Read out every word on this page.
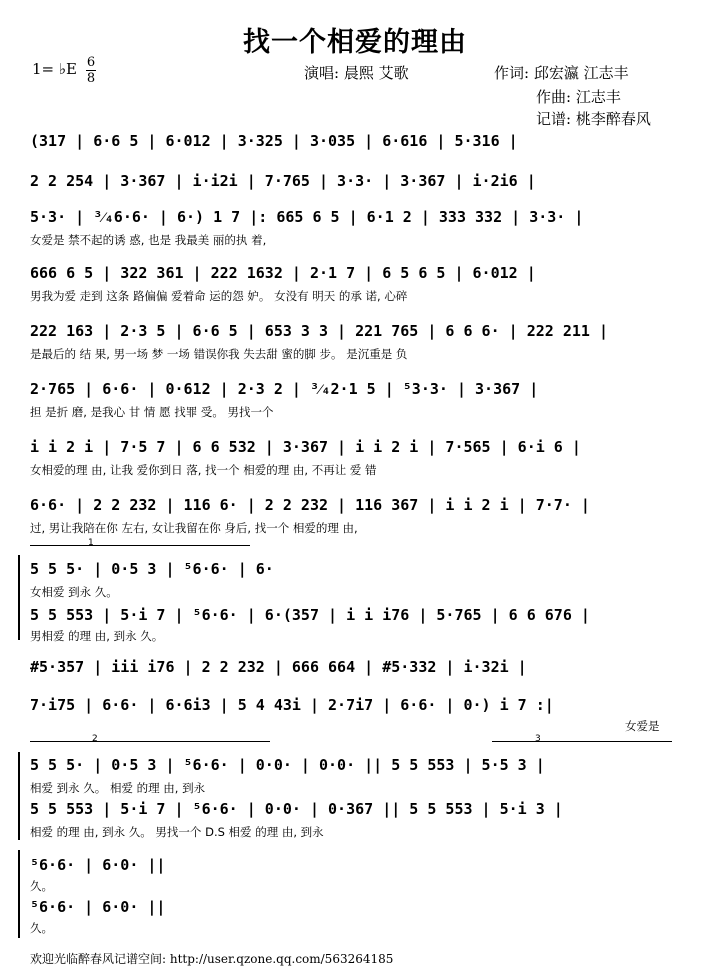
找一个相爱的理由
1= ♭E 6
8	演唱: 晨熙 艾歌	作词: 邱宏瀛 江志丰
作曲: 江志丰
记谱: 桃李醉春风
(317 | 6·6 5 | 6·012 | 3·325 | 3·035 | 6·616 | 5·316 |
2 2 254 | 3·367 | i·i2i | 7·765 | 3·3· | 3·367 | i·2i6 |
5·3· | ³⁄₄6·6· | 6·) 1 7 |: 665 6 5 | 6·1 2 | 333 332 | 3·3· |
女爱是 禁不起的诱 惑, 也是 我最美 丽的执 着,
666 6 5 | 322 361 | 222 1632 | 2·1 7 | 6 5 6 5 | 6·012 |
男我为爱 走到 这条 路偏偏 爱着命 运的怨 妒。 女没有 明天 的承 诺, 心碎
222 163 | 2·3 5 | 6·6 5 | 653 3 3 | 221 765 | 6 6 6· | 222 211 |
是最后的 结 果, 男一场 梦 一场 错误你我 失去甜 蜜的脚 步。 是沉重是 负
2·765 | 6·6· | 0·612 | 2·3 2 | ³⁄₄2·1 5 | ⁵3·3· | 3·367 |
担 是折 磨, 是我心 甘 情 愿 找罪 受。 男找一个
i i 2 i | 7·5 7 | 6 6 532 | 3·367 | i i 2 i | 7·565 | 6·i 6 |
女相爱的理 由, 让我 爱你到日 落, 找一个 相爱的理 由, 不再让 爱 错
6·6· | 2 2 232 | 116 6· | 2 2 232 | 116 367 | i i 2 i | 7·7· |
过, 男让我陪在你 左右, 女让我留在你 身后, 找一个 相爱的理 由,
1
5 5 5· | 0·5 3 | ⁵6·6· | 6·
女相爱 到永 久。
5 5 553 | 5·i 7 | ⁵6·6· | 6·(357 | i i i76 | 5·765 | 6 6 676 |
男相爱 的理 由, 到永 久。
#5·357 | iii i76 | 2 2 232 | 666 664 | #5·332 | i·32i |
7·i75 | 6·6· | 6·6i3 | 5 4 43i | 2·7i7 | 6·6· | 0·) i 7 :|
女爱是
2	3
5 5 5· | 0·5 3 | ⁵6·6· | 0·0· | 0·0· || 5 5 553 | 5·5 3 |
相爱 到永 久。 相爱 的理 由, 到永
5 5 553 | 5·i 7 | ⁵6·6· | 0·0· | 0·367 || 5 5 553 | 5·i 3 |
相爱 的理 由, 到永 久。 男找一个 D.S 相爱 的理 由, 到永
⁵6·6· | 6·0· ||
久。
⁵6·6· | 6·0· ||
久。
欢迎光临醉春风记谱空间: http://user.qzone.qq.com/563264185
